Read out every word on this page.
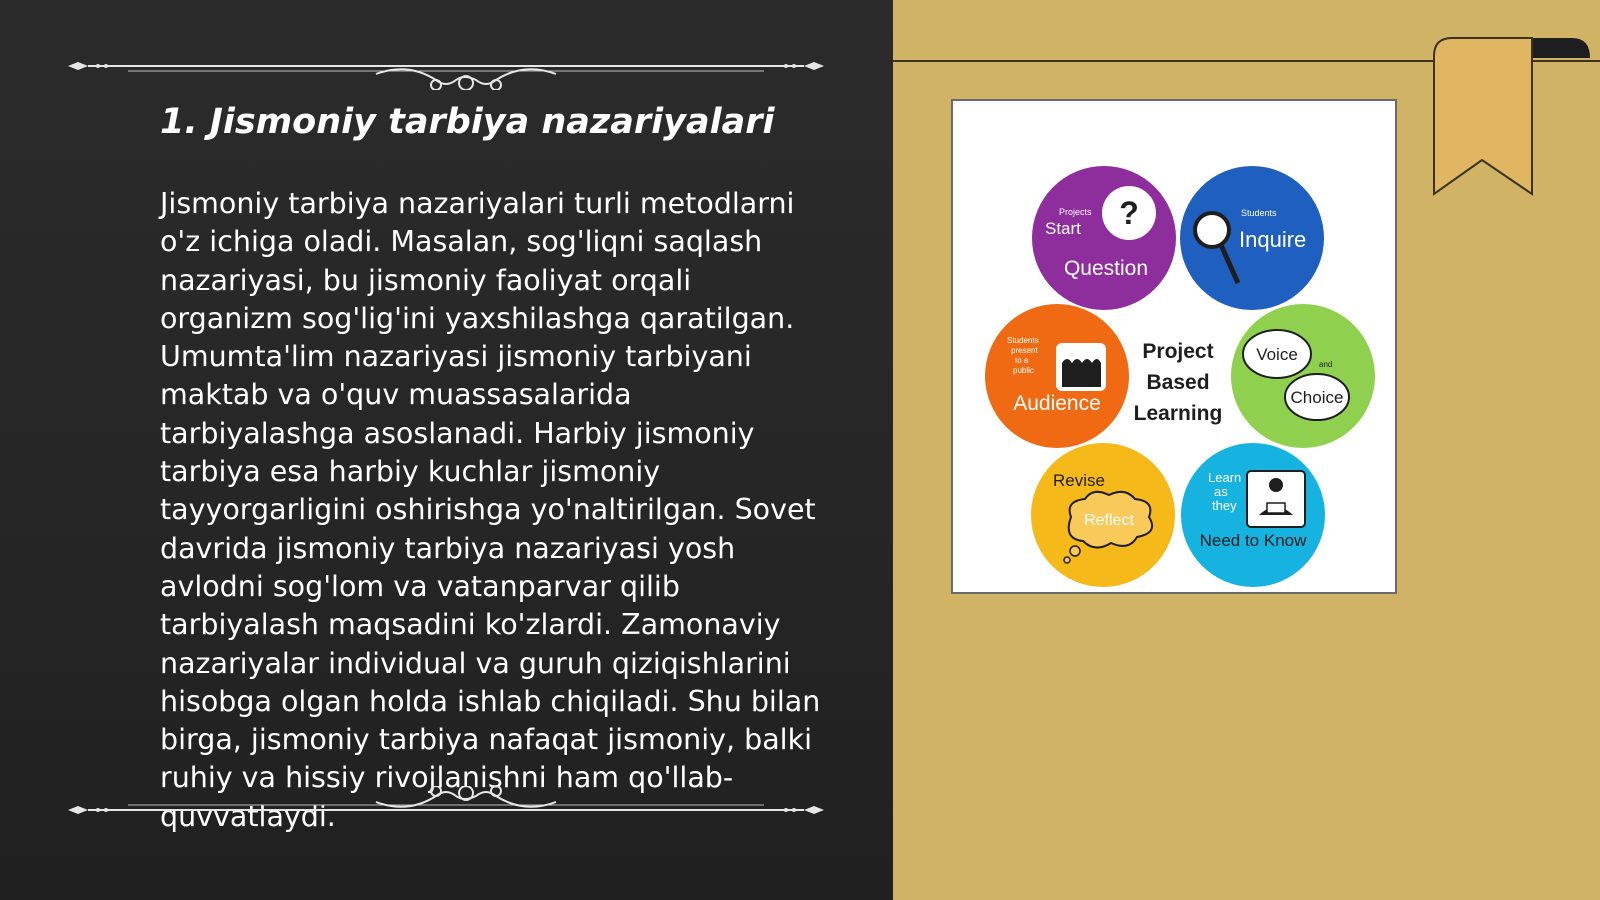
1. Jismoniy tarbiya nazariyalari

Jismoniy tarbiya nazariyalari turli metodlarni o'z ichiga oladi. Masalan, sog'liqni saqlash nazariyasi, bu jismoniy faoliyat orqali organizm sog'lig'ini yaxshilashga qaratilgan. Umumta'lim nazariyasi jismoniy tarbiyani maktab va o'quv muassasalarida tarbiyalashga asoslanadi. Harbiy jismoniy tarbiya esa harbiy kuchlar jismoniy tayyorgarligini oshirishga yo'naltirilgan. Sovet davrida jismoniy tarbiya nazariyasi yosh avlodni sog'lom va vatanparvar qilib tarbiyalash maqsadini ko'zlardi. Zamonaviy nazariyalar individual va guruh qiziqishlarini hisobga olgan holda ishlab chiqiladi. Shu bilan birga, jismoniy tarbiya nafaqat jismoniy, balki ruhiy va hissiy rivojlanishni ham qo'llab-quvvatlaydi.

?
Projects
Start
Question
Students
Inquire
Students
present
to a
public
Audience
Voice
Choice
and
Revise
Reflect
Learn
as
they
Need to Know
Project
Based
Learning
